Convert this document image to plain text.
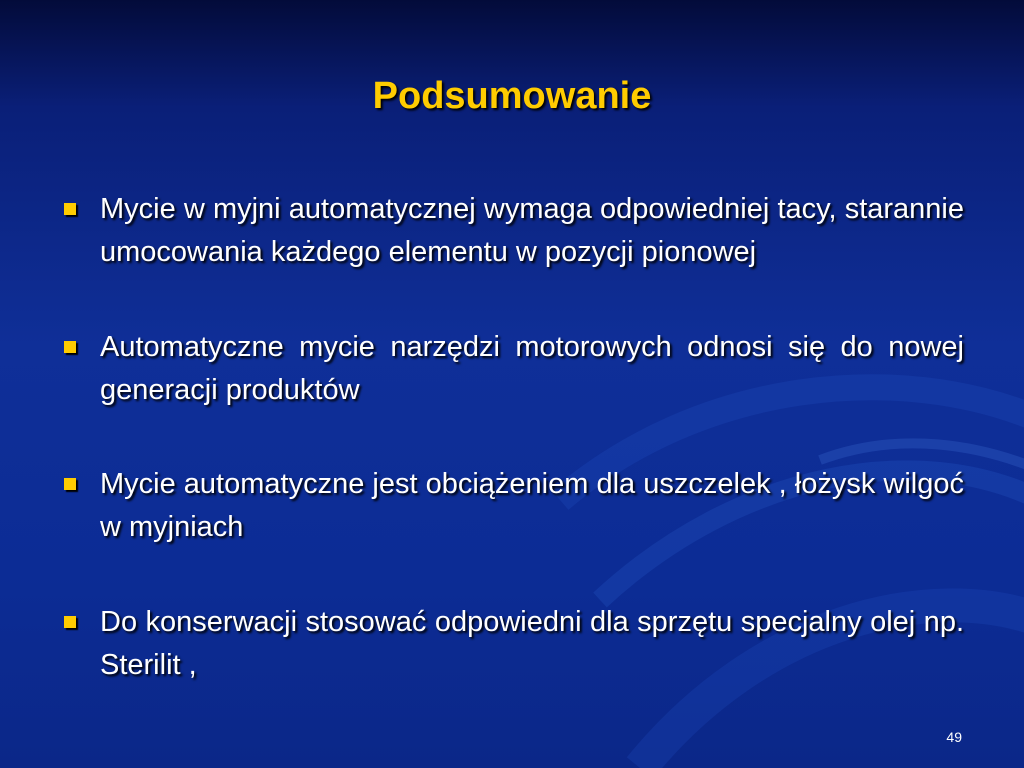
Podsumowanie
Mycie w myjni automatycznej wymaga odpowiedniej tacy, starannie umocowania każdego elementu w pozycji pionowej
Automatyczne mycie narzędzi motorowych odnosi się do nowej generacji produktów
Mycie automatyczne jest obciążeniem dla uszczelek , łożysk wilgoć w myjniach
Do konserwacji stosować odpowiedni dla sprzętu specjalny olej np. Sterilit ,
49
